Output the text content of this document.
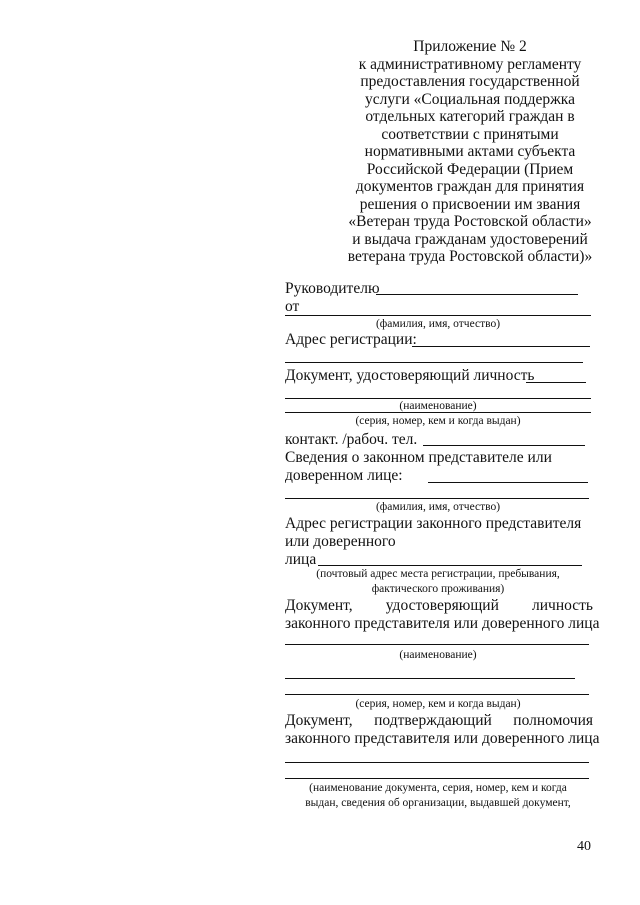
Приложение № 2
к административному регламенту
предоставления государственной
услуги «Социальная поддержка
отдельных категорий граждан в
соответствии с принятыми
нормативными актами субъекта
Российской Федерации (Прием
документов граждан для принятия
решения о присвоении им звания
«Ветеран труда Ростовской области»
и выдача гражданам удостоверений
ветерана труда Ростовской области)»
Руководителю
от
(фамилия, имя, отчество)
Адрес регистрации:
Документ, удостоверяющий личность
(наименование)
(серия, номер, кем и когда выдан)
контакт. /рабоч. тел.
Сведения о законном представителе или
доверенном лице:
(фамилия, имя, отчество)
Адрес регистрации законного представителя
или доверенного
лица
(почтовый адрес места регистрации, пребывания,
фактического проживания)
Документ, удостоверяющий личность
законного представителя или доверенного лица
(наименование)
(серия, номер, кем и когда выдан)
Документ, подтверждающий полномочия
законного представителя или доверенного лица
(наименование документа, серия, номер, кем и когда
выдан, сведения об организации, выдавшей документ,
40
